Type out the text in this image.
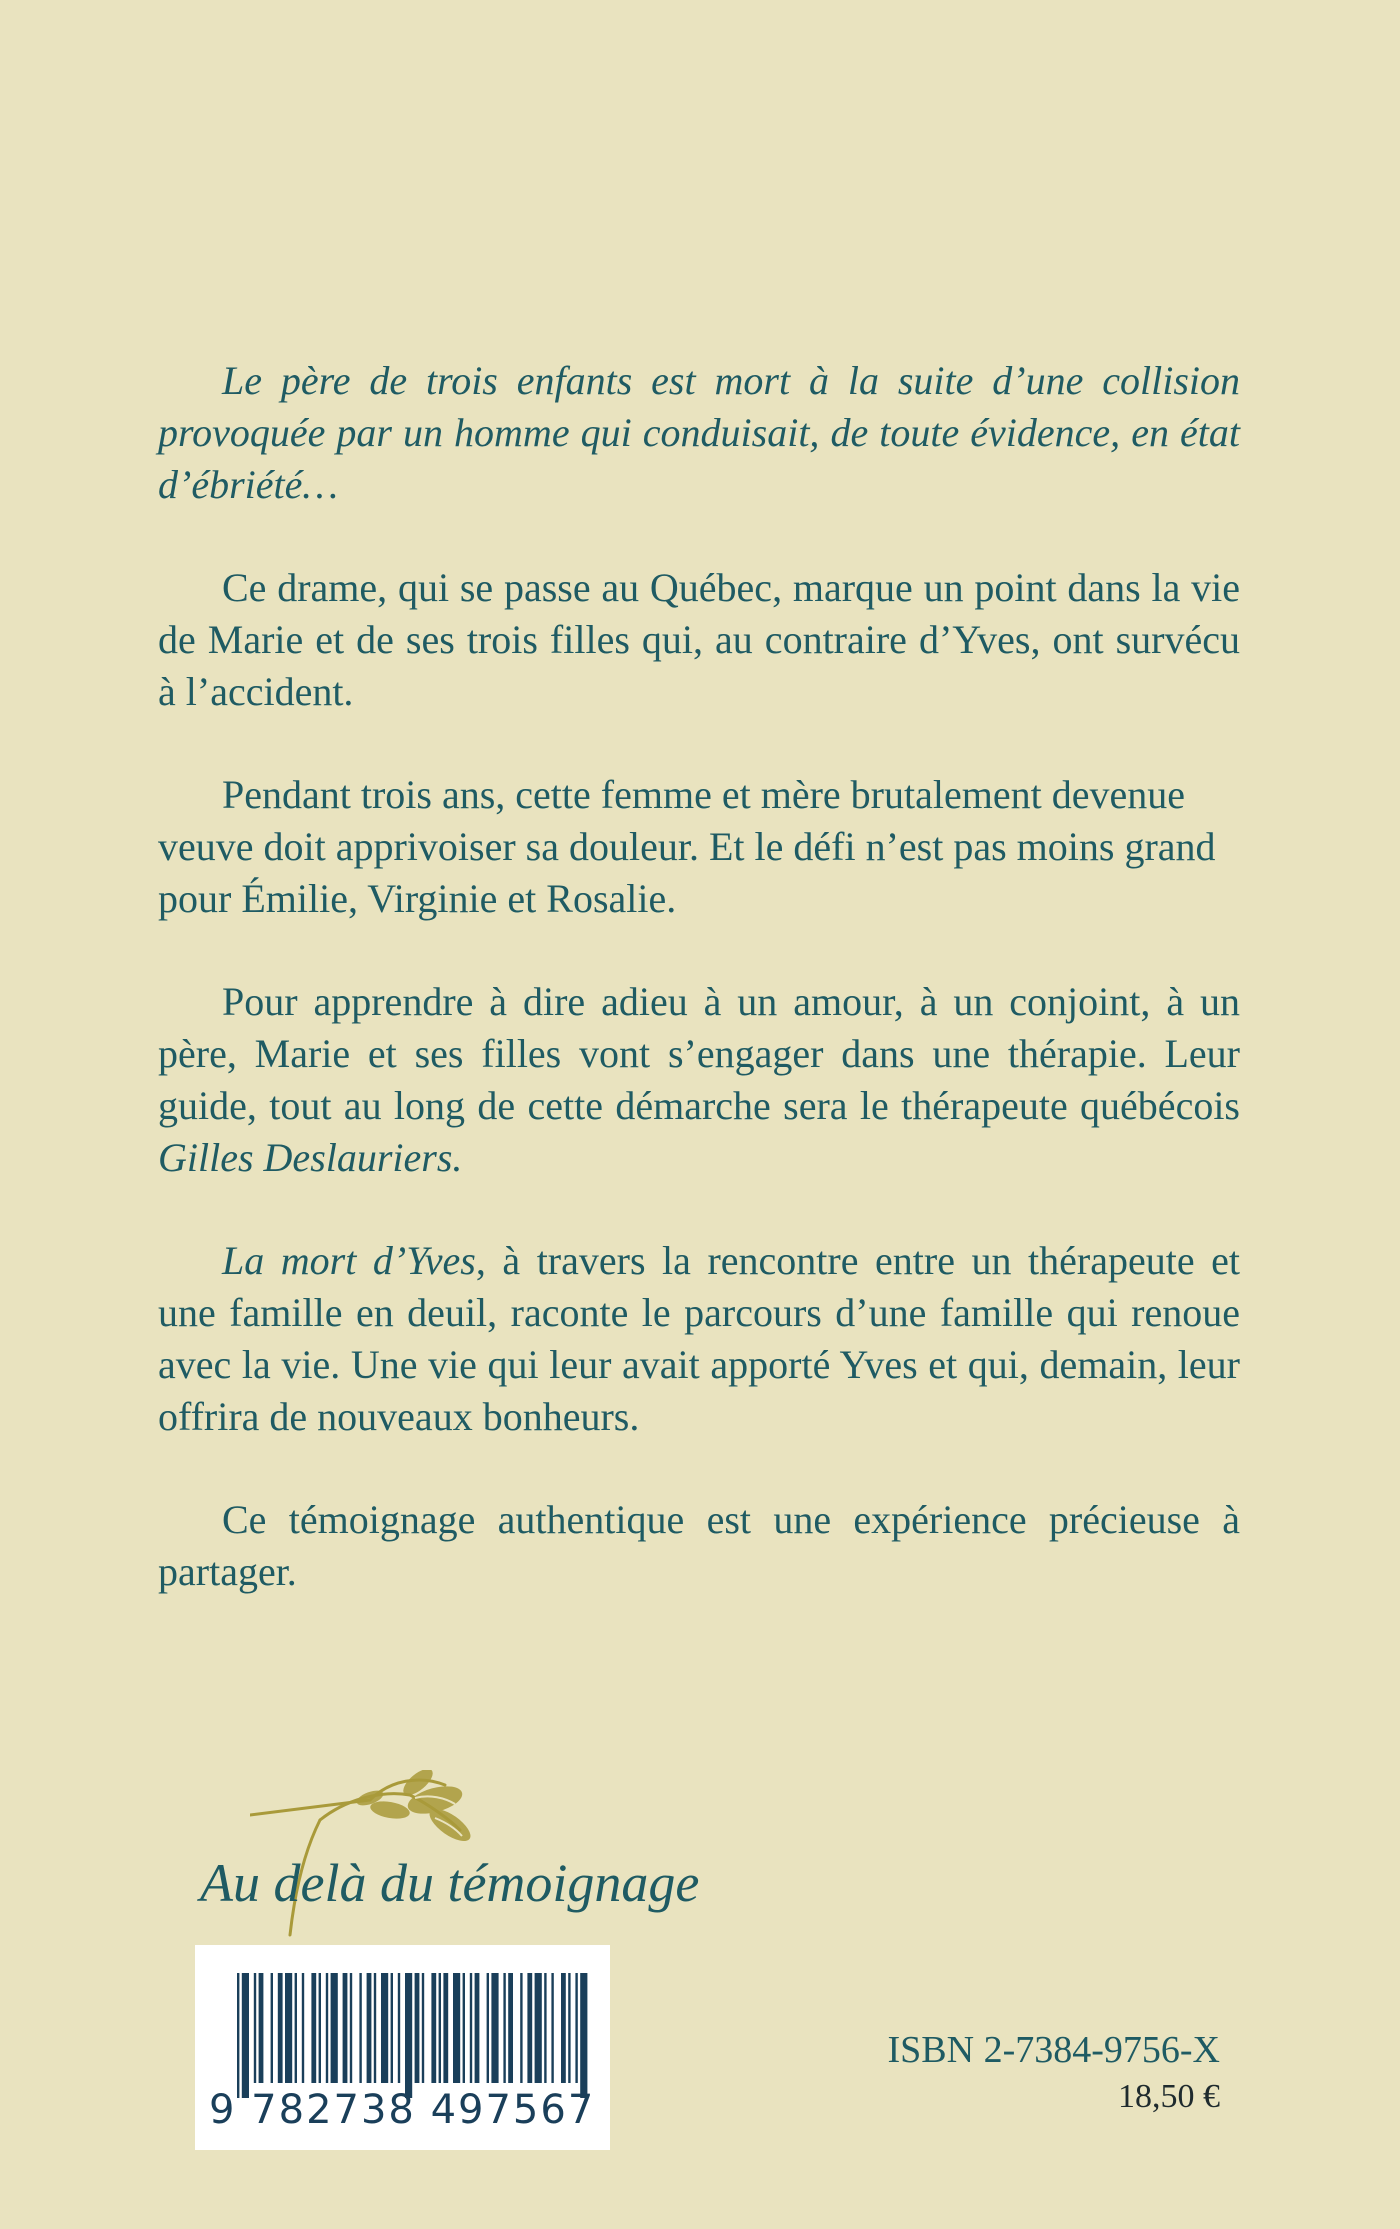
Le père de trois enfants est mort à la suite d’une collision provoquée par un homme qui conduisait, de toute évidence, en état d’ébriété…

Ce drame, qui se passe au Québec, marque un point dans la vie de Marie et de ses trois filles qui, au contraire d’Yves, ont survécu à l’accident.

Pendant trois ans, cette femme et mère brutalement devenue veuve doit apprivoiser sa douleur. Et le défi n’est pas moins grand pour Émilie, Virginie et Rosalie.

Pour apprendre à dire adieu à un amour, à un conjoint, à un père, Marie et ses filles vont s’engager dans une thérapie. Leur guide, tout au long de cette démarche sera le thérapeute québécois Gilles Deslauriers.

La mort d’Yves, à travers la rencontre entre un thérapeute et une famille en deuil, raconte le parcours d’une famille qui renoue avec la vie. Une vie qui leur avait apporté Yves et qui, demain, leur offrira de nouveaux bonheurs.

Ce témoignage authentique est une expérience précieuse à partager.

Au delà du témoignage
9 782738 497567
ISBN 2-7384-9756-X
18,50 €
